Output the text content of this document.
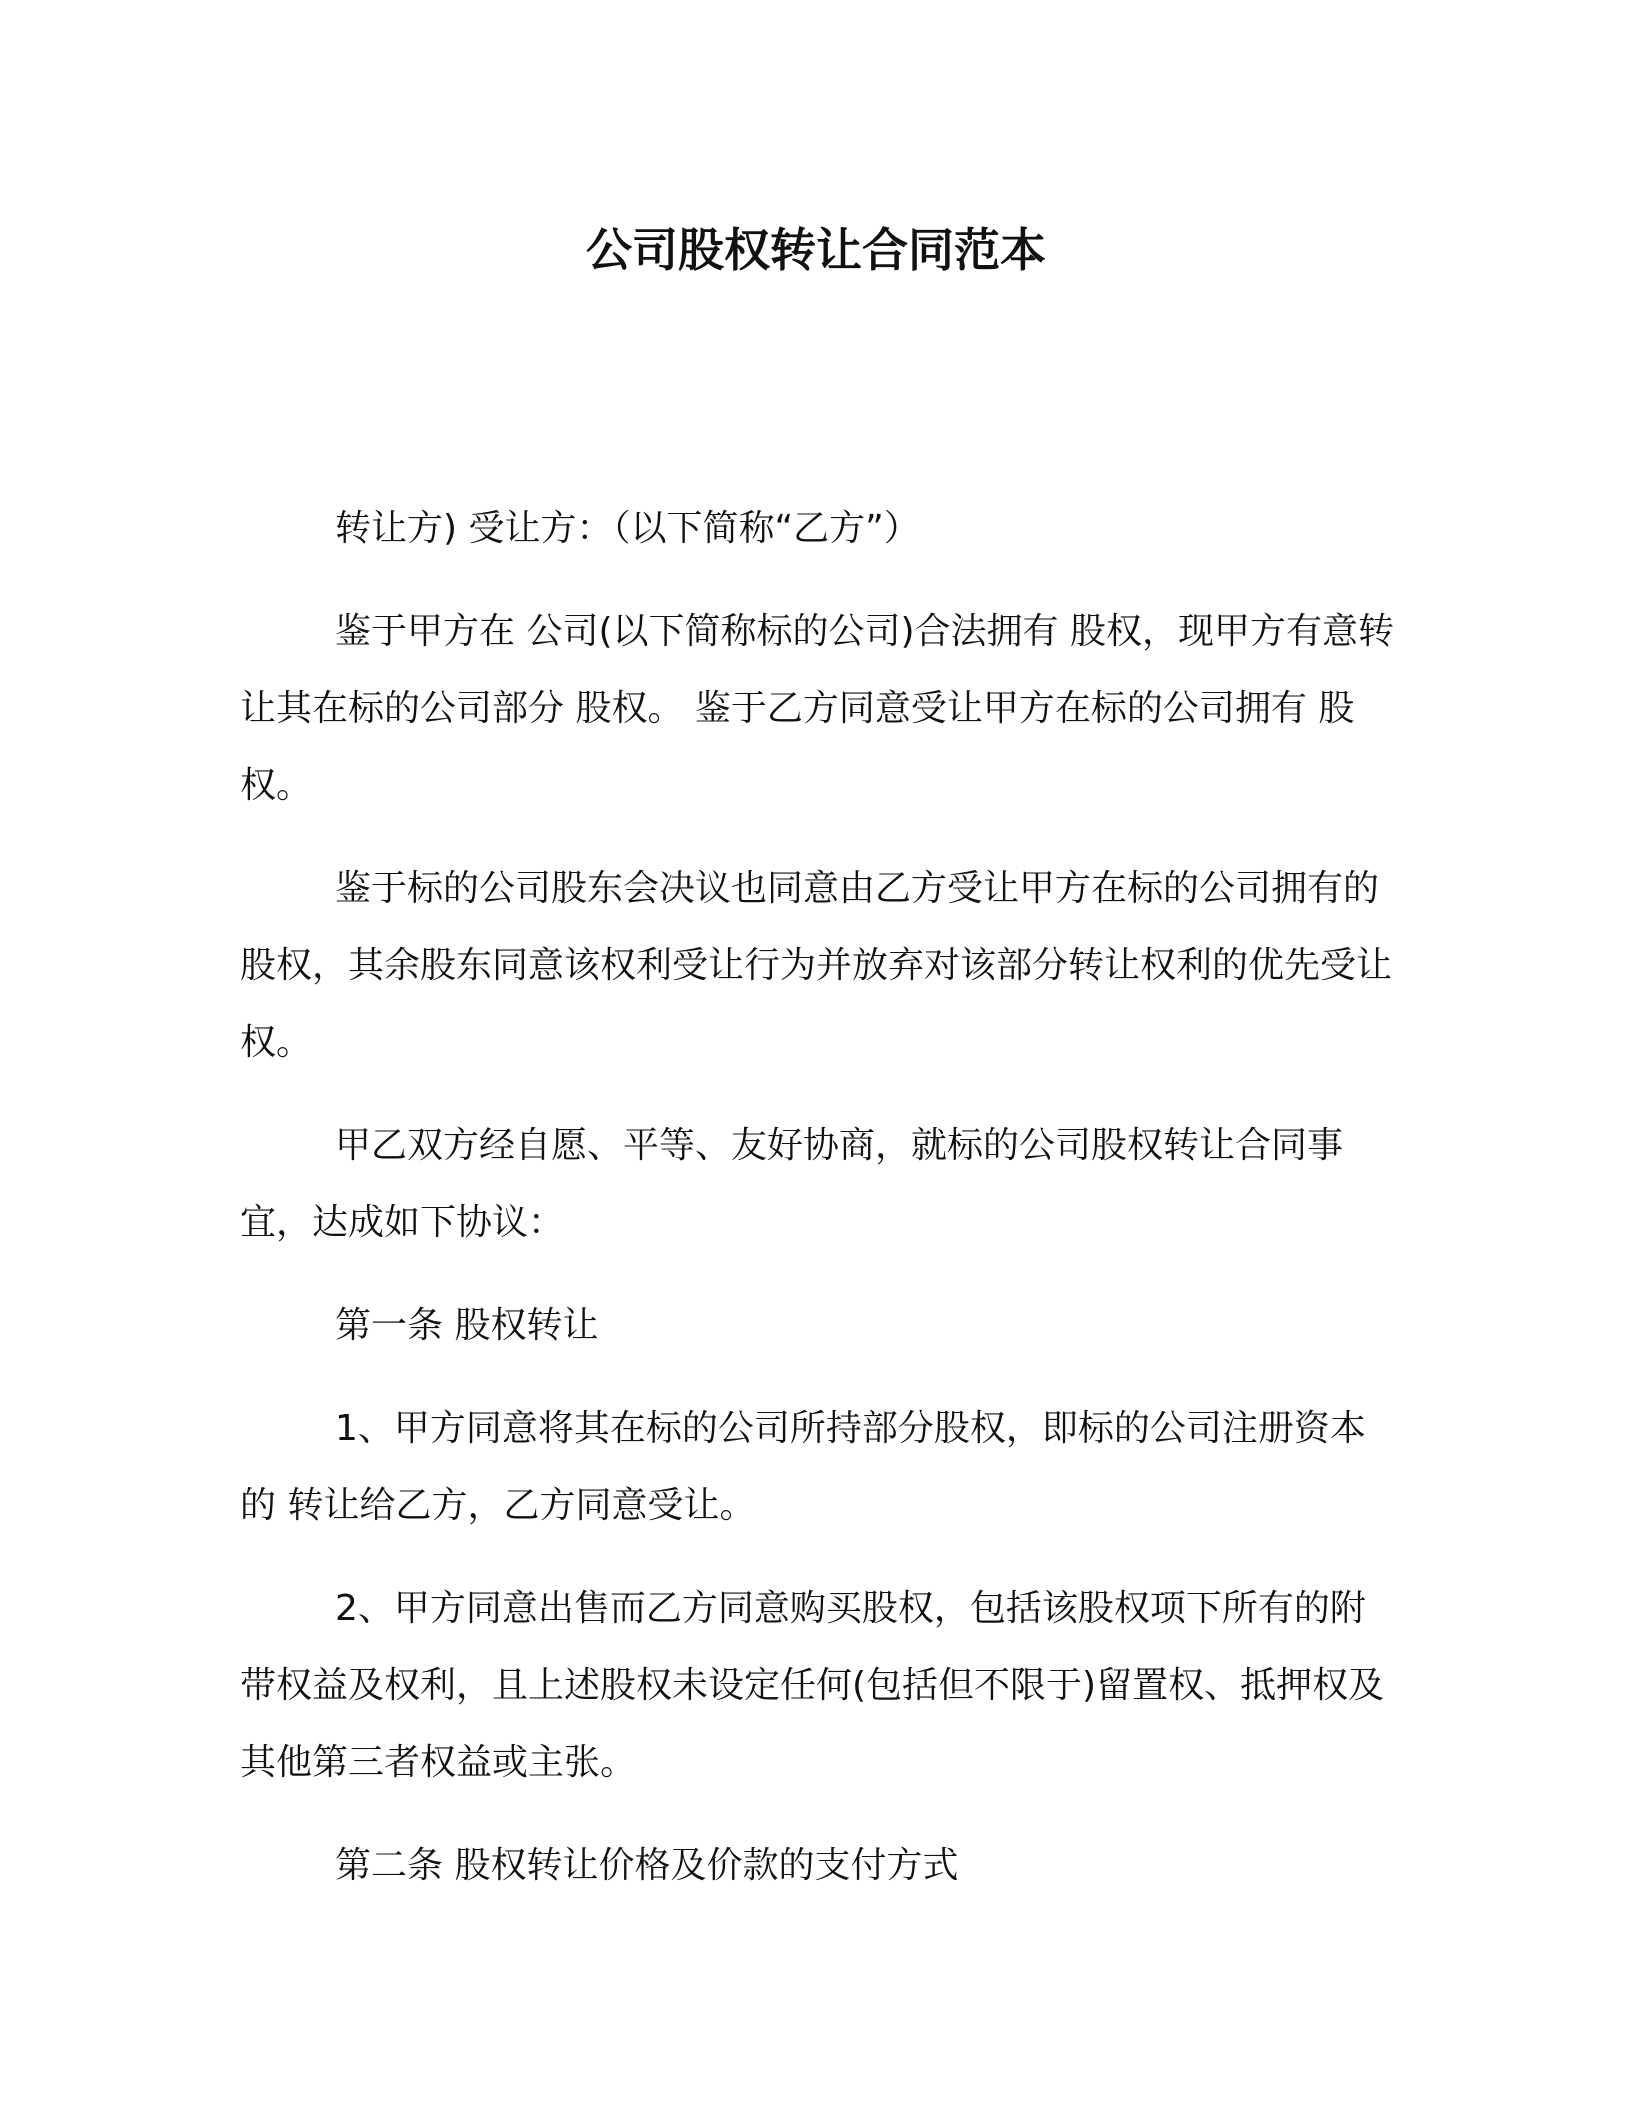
公司股权转让合同范本

转让方) 受让方：（以下简称“乙方”）

鉴于甲方在 公司(以下简称标的公司)合法拥有 股权，现甲方有意转让其在标的公司部分 股权。 鉴于乙方同意受让甲方在标的公司拥有 股权。

鉴于标的公司股东会决议也同意由乙方受让甲方在标的公司拥有的 股权，其余股东同意该权利受让行为并放弃对该部分转让权利的优先受让权。

甲乙双方经自愿、平等、友好协商，就标的公司股权转让合同事宜，达成如下协议：

第一条 股权转让

1、甲方同意将其在标的公司所持部分股权，即标的公司注册资本的 转让给乙方，乙方同意受让。

2、甲方同意出售而乙方同意购买股权，包括该股权项下所有的附带权益及权利，且上述股权未设定任何(包括但不限于)留置权、抵押权及其他第三者权益或主张。

第二条 股权转让价格及价款的支付方式
